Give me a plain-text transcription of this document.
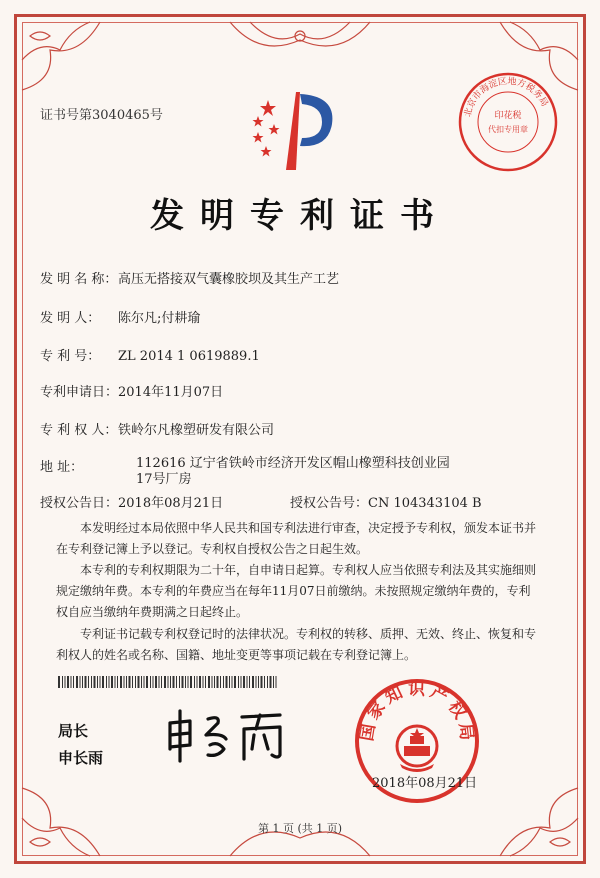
证书号第3040465号	北京市海淀区地方税务局
印花税
代扣专用章
发明专利证书
发 明 名 称：高压无搭接双气囊橡胶坝及其生产工艺
发 明 人： 陈尔凡;付耕瑜
专 利 号： ZL 2014 1 0619889.1
专利申请日：2014年11月07日
专 利 权 人：铁岭尔凡橡塑研发有限公司
地 址：	112616 辽宁省铁岭市经济开发区帽山橡塑科技创业园17号厂房
授权公告日：2018年08月21日	授权公告号：CN 104343104 B
本发明经过本局依照中华人民共和国专利法进行审查，决定授予专利权，颁发本证书并在专利登记簿上予以登记。专利权自授权公告之日起生效。
本专利的专利权期限为二十年，自申请日起算。专利权人应当依照专利法及其实施细则规定缴纳年费。本专利的年费应当在每年11月07日前缴纳。未按照规定缴纳年费的，专利权自应当缴纳年费期满之日起终止。
专利证书记载专利权登记时的法律状况。专利权的转移、质押、无效、终止、恢复和专利权人的姓名或名称、国籍、地址变更等事项记载在专利登记簿上。
局长
申长雨
国家知识产权局
2018年08月21日
第 1 页 (共 1 页)
